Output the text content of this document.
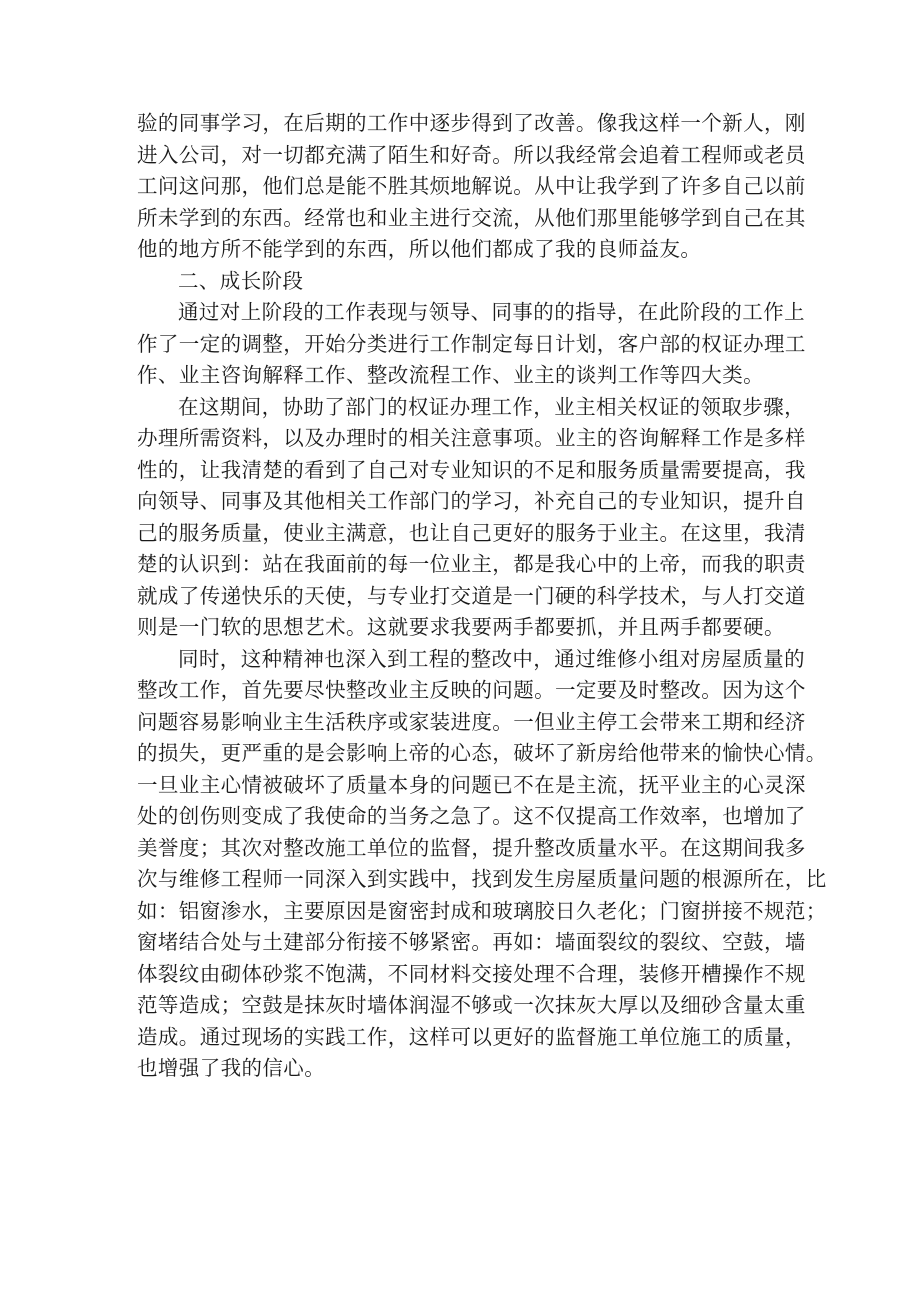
验的同事学习，在后期的工作中逐步得到了改善。像我这样一个新人，刚
进入公司，对一切都充满了陌生和好奇。所以我经常会追着工程师或老员
工问这问那，他们总是能不胜其烦地解说。从中让我学到了许多自己以前
所未学到的东西。经常也和业主进行交流，从他们那里能够学到自己在其
他的地方所不能学到的东西，所以他们都成了我的良师益友。
二、成长阶段
通过对上阶段的工作表现与领导、同事的的指导，在此阶段的工作上
作了一定的调整，开始分类进行工作制定每日计划，客户部的权证办理工
作、业主咨询解释工作、整改流程工作、业主的谈判工作等四大类。
在这期间，协助了部门的权证办理工作，业主相关权证的领取步骤，
办理所需资料，以及办理时的相关注意事项。业主的咨询解释工作是多样
性的，让我清楚的看到了自己对专业知识的不足和服务质量需要提高，我
向领导、同事及其他相关工作部门的学习，补充自己的专业知识，提升自
己的服务质量，使业主满意，也让自己更好的服务于业主。在这里，我清
楚的认识到：站在我面前的每一位业主，都是我心中的上帝，而我的职责
就成了传递快乐的天使，与专业打交道是一门硬的科学技术，与人打交道
则是一门软的思想艺术。这就要求我要两手都要抓，并且两手都要硬。
同时，这种精神也深入到工程的整改中，通过维修小组对房屋质量的
整改工作，首先要尽快整改业主反映的问题。一定要及时整改。因为这个
问题容易影响业主生活秩序或家装进度。一但业主停工会带来工期和经济
的损失，更严重的是会影响上帝的心态，破坏了新房给他带来的愉快心情。
一旦业主心情被破坏了质量本身的问题已不在是主流，抚平业主的心灵深
处的创伤则变成了我使命的当务之急了。这不仅提高工作效率，也增加了
美誉度；其次对整改施工单位的监督，提升整改质量水平。在这期间我多
次与维修工程师一同深入到实践中，找到发生房屋质量问题的根源所在，比
如：铝窗渗水，主要原因是窗密封成和玻璃胶日久老化；门窗拼接不规范；
窗堵结合处与土建部分衔接不够紧密。再如：墙面裂纹的裂纹、空鼓，墙
体裂纹由砌体砂浆不饱满，不同材料交接处理不合理，装修开槽操作不规
范等造成；空鼓是抹灰时墙体润湿不够或一次抹灰大厚以及细砂含量太重
造成。通过现场的实践工作，这样可以更好的监督施工单位施工的质量，
也增强了我的信心。
